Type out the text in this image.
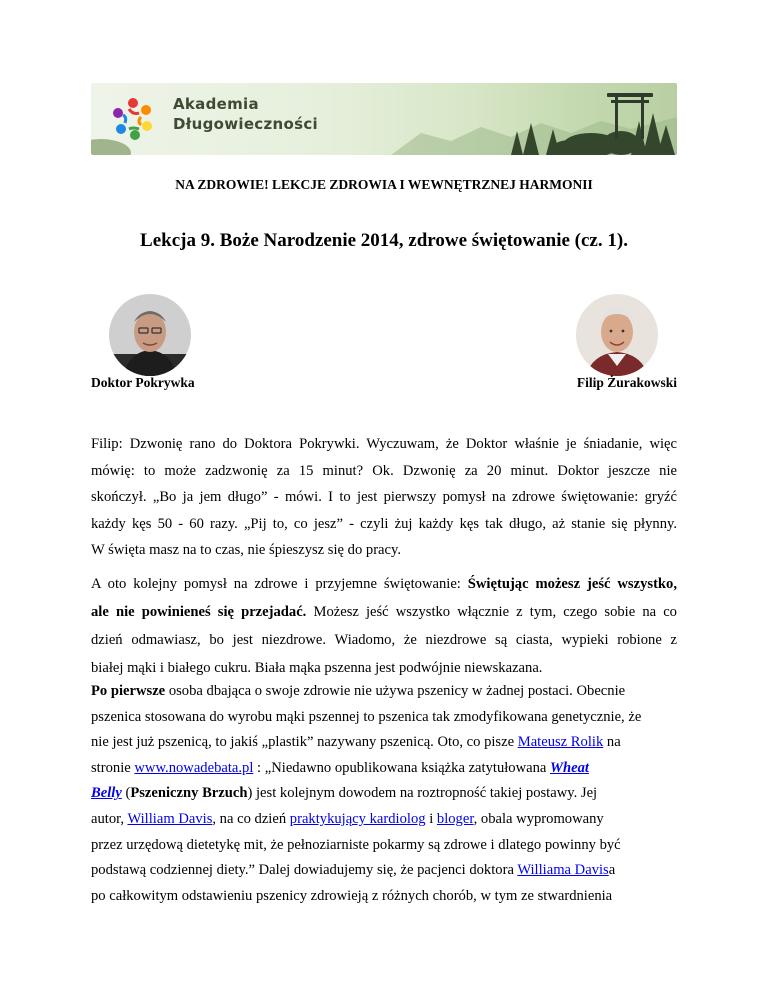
Akademia
Długowieczności
NA ZDROWIE! LEKCJE ZDROWIA I WEWNĘTRZNEJ HARMONII
Lekcja 9. Boże Narodzenie 2014, zdrowe świętowanie (cz. 1).
Doktor Pokrywka	Filip Żurakowski
Filip: Dzwonię rano do Doktora Pokrywki. Wyczuwam, że Doktor właśnie je śniadanie, więc
mówię: to może zadzwonię za 15 minut? Ok. Dzwonię za 20 minut. Doktor jeszcze nie
skończył. „Bo ja jem długo” - mówi. I to jest pierwszy pomysł na zdrowe świętowanie: gryźć
każdy kęs 50 - 60 razy. „Pij to, co jesz” - czyli żuj każdy kęs tak długo, aż stanie się płynny.
W święta masz na to czas, nie śpieszysz się do pracy.
A oto kolejny pomysł na zdrowe i przyjemne świętowanie: Świętując możesz jeść wszystko,
ale nie powinieneś się przejadać. Możesz jeść wszystko włącznie z tym, czego sobie na co
dzień odmawiasz, bo jest niezdrowe. Wiadomo, że niezdrowe są ciasta, wypieki robione z
białej mąki i białego cukru. Biała mąka pszenna jest podwójnie niewskazana.
Po pierwsze osoba dbająca o swoje zdrowie nie używa pszenicy w żadnej postaci. Obecnie
pszenica stosowana do wyrobu mąki pszennej to pszenica tak zmodyfikowana genetycznie, że
nie jest już pszenicą, to jakiś „plastik” nazywany pszenicą. Oto, co pisze Mateusz Rolik na
stronie www.nowadebata.pl : „Niedawno opublikowana książka zatytułowana Wheat
Belly (Pszeniczny Brzuch) jest kolejnym dowodem na roztropność takiej postawy. Jej
autor, William Davis, na co dzień praktykujący kardiolog i bloger, obala wypromowany
przez urzędową dietetykę mit, że pełnoziarniste pokarmy są zdrowe i dlatego powinny być
podstawą codziennej diety.” Dalej dowiadujemy się, że pacjenci doktora Williama Davisa
po całkowitym odstawieniu pszenicy zdrowieją z różnych chorób, w tym ze stwardnienia
